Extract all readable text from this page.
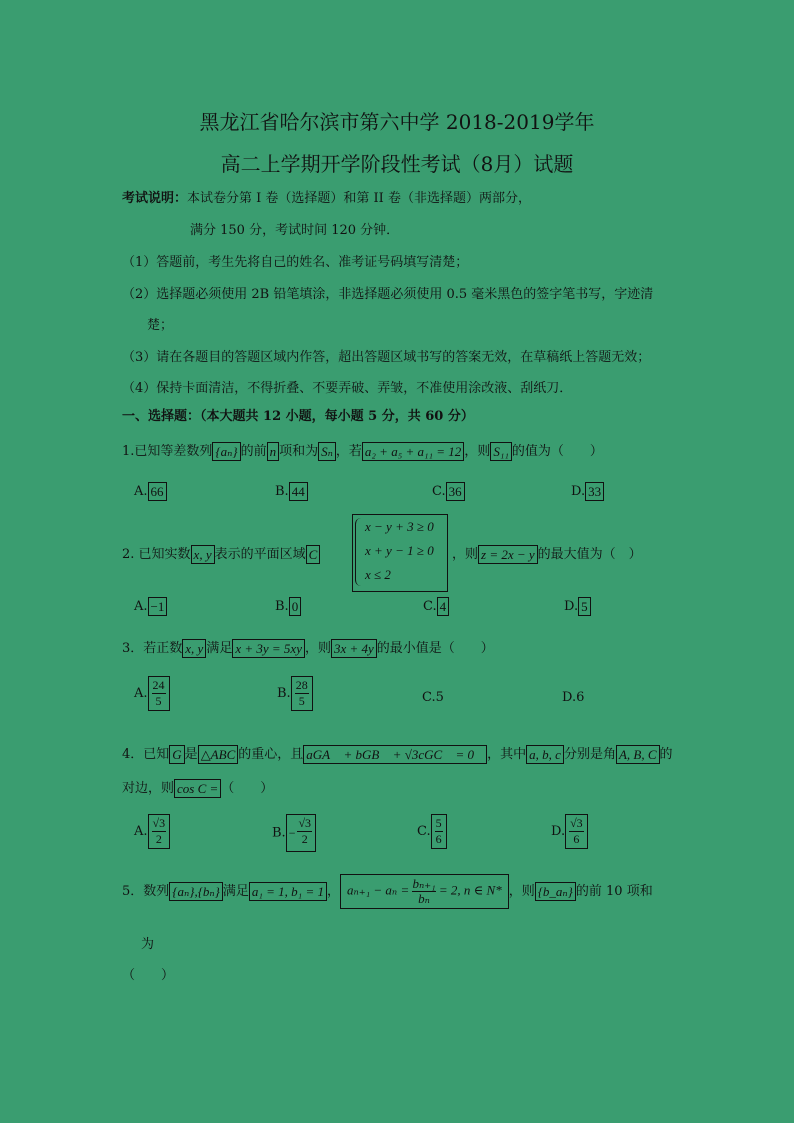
黑龙江省哈尔滨市第六中学 2018-2019学年
高二上学期开学阶段性考试（8月）试题
考试说明：本试卷分第 I 卷（选择题）和第 II 卷（非选择题）两部分，
满分 150 分，考试时间 120 分钟．
（1）答题前，考生先将自己的姓名、准考证号码填写清楚；
（2）选择题必须使用 2B 铅笔填涂，非选择题必须使用 0.5 毫米黑色的签字笔书写，字迹清
楚；
（3）请在各题目的答题区域内作答，超出答题区域书写的答案无效，在草稿纸上答题无效；
（4）保持卡面清洁，不得折叠、不要弄破、弄皱，不准使用涂改液、刮纸刀．
一、选择题：（本大题共 12 小题，每小题 5 分，共 60 分）
1.已知等差数列 {aₙ} 的前 n 项和为 Sₙ ，若 a₂ + a₅ + a₁₁ = 12 ，则 S₁₁ 的值为（　　）
A. 66	B. 44	C. 36	D. 33
2. 已知实数 x, y 表示的平面区域 C
x − y + 3 ≥ 0
x + y − 1 ≥ 0
x ≤ 2
，则 z = 2x − y 的最大值为（　）
A. −1	B. 0	C. 4	D. 5
3．若正数 x, y 满足 x + 3y = 5xy ，则 3x + 4y 的最小值是（　　）
A. $\frac{24}{5}$	B. $\frac{28}{5}$	C.5	D.6
4．已知 G 是 △ABC 的重心，且 aGA⃗ + bGB⃗ + √3cGC⃗ = 0⃗ ，其中 a, b, c 分别是角 A, B, C 的
对边，则 cos C = （　　）
A. $\frac{√3}{2}$	B. − $\frac{√3}{2}$	C. $\frac{5}{6}$	D. $\frac{√3}{6}$
5．数列 {aₙ},{bₙ} 满足 a₁ = 1, b₁ = 1 ， $a_{n+1} - a_n = \frac{\text{bₙ₊₁}}{\text{bₙ}} = 2$, n ∈ N* ，则 {b_aₙ} 的前 10 项和
为
（　　）
